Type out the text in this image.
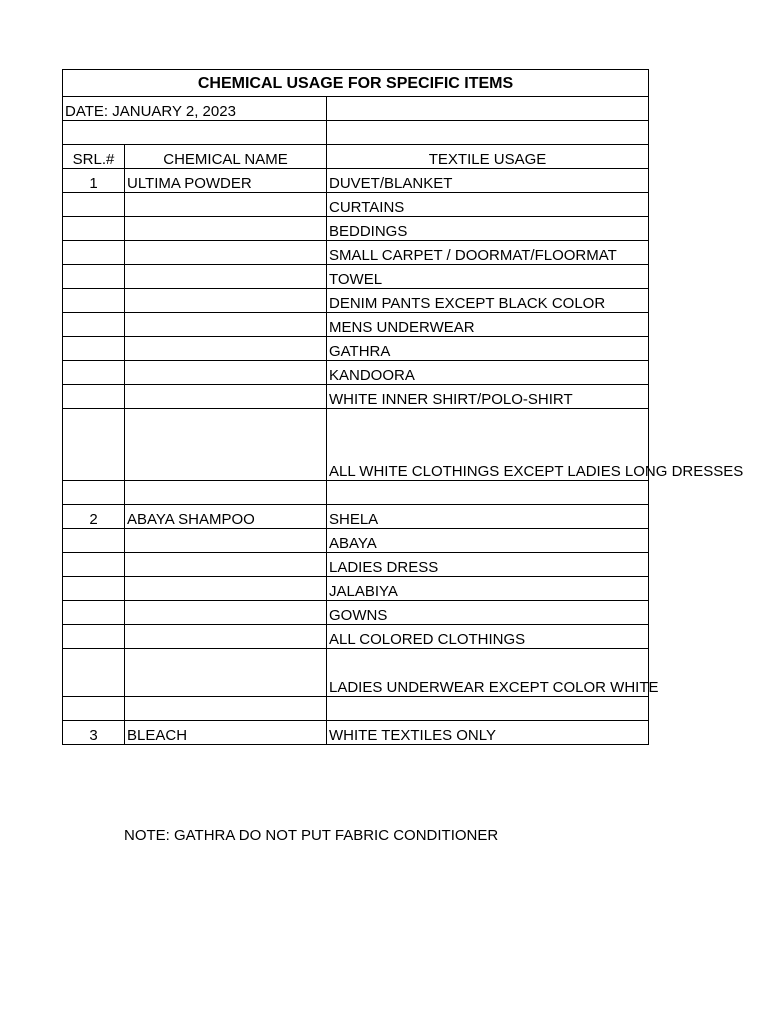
CHEMICAL USAGE FOR SPECIFIC ITEMS		
DATE: JANUARY 2, 2023		

SRL.#	CHEMICAL NAME	TEXTILE USAGE
1	ULTIMA POWDER	DUVET/BLANKET
		CURTAINS
		BEDDINGS
		SMALL CARPET / DOORMAT/FLOORMAT
		TOWEL
		DENIM PANTS EXCEPT BLACK COLOR
		MENS UNDERWEAR
		GATHRA
		KANDOORA
		WHITE INNER SHIRT/POLO-SHIRT
		ALL WHITE CLOTHINGS EXCEPT LADIES LONG DRESSES

2	ABAYA SHAMPOO	SHELA
		ABAYA
		LADIES DRESS
		JALABIYA
		GOWNS
		ALL COLORED CLOTHINGS
		LADIES UNDERWEAR EXCEPT COLOR WHITE

3	BLEACH	WHITE TEXTILES ONLY
NOTE: GATHRA DO NOT PUT FABRIC CONDITIONER
